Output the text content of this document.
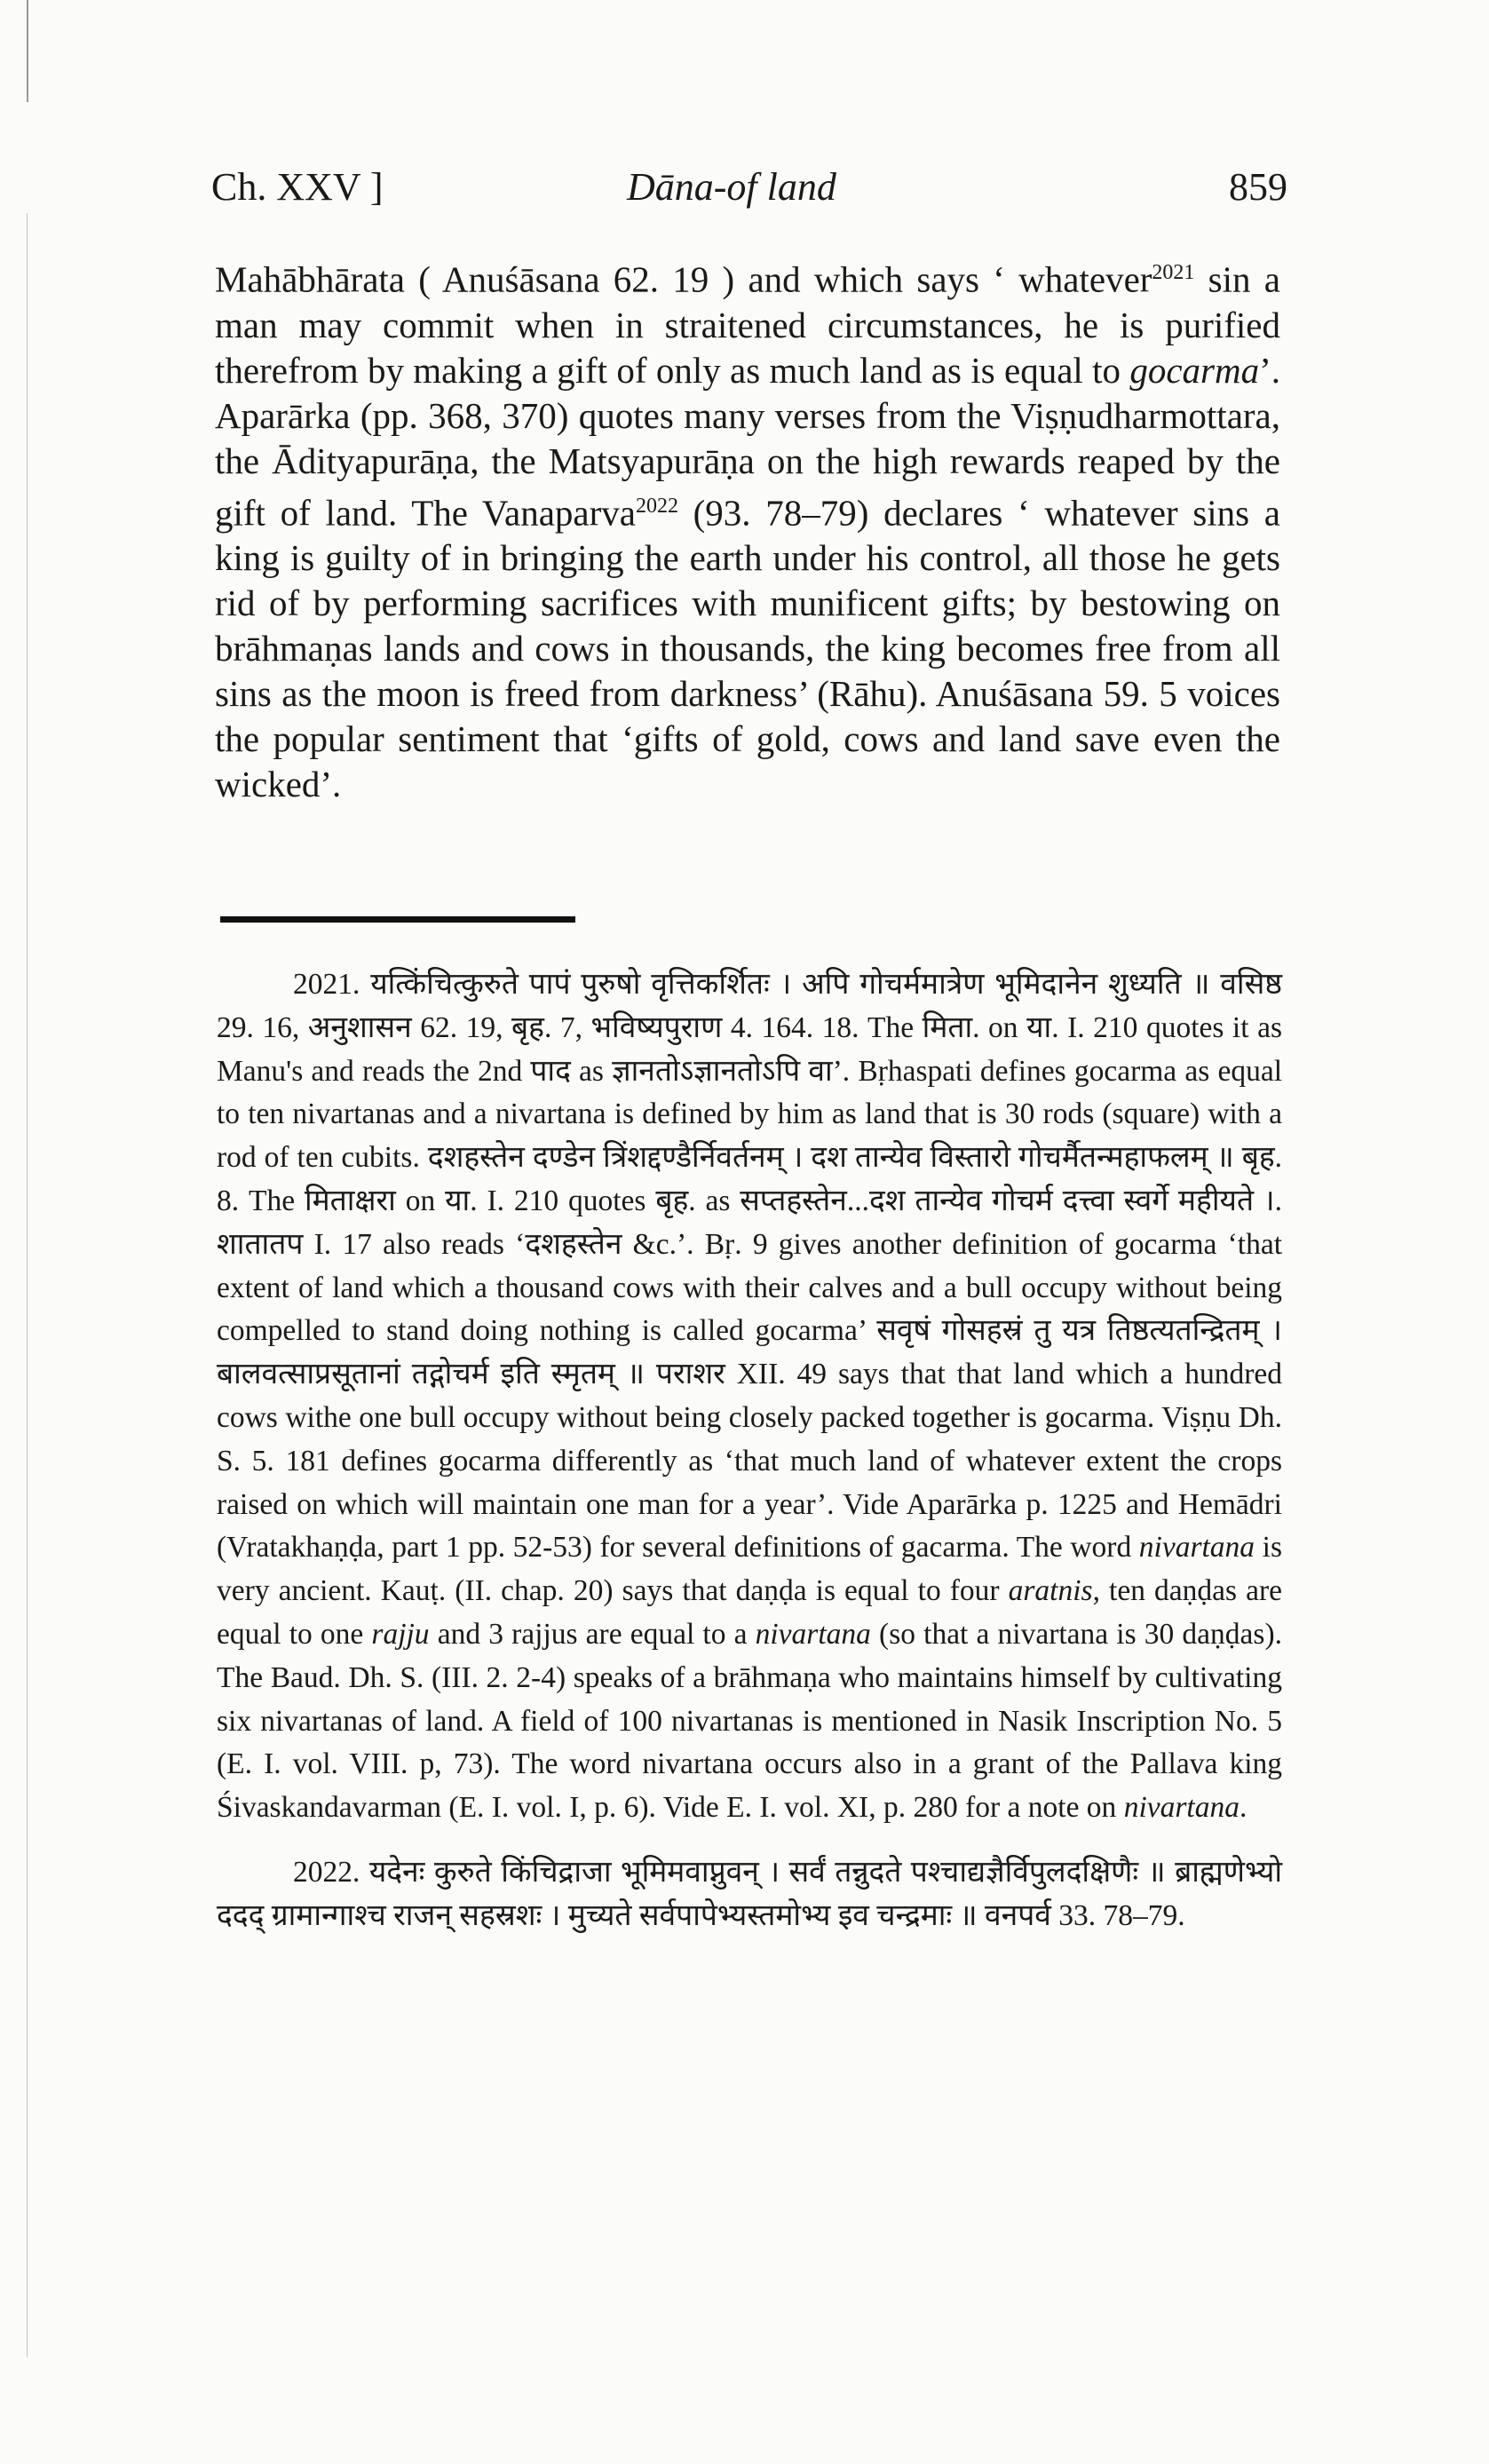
Ch. XXV ]	Dāna-of land	859

Mahābhārata ( Anuśāsana 62. 19 ) and which says ‘ whatever$^{2021}$ sin a man may commit when in straitened circumstances, he is purified therefrom by making a gift of only as much land as is equal to gocarma’. Aparārka (pp. 368, 370) quotes many verses from the Viṣṇudharmottara, the Ādityapurāṇa, the Matsyapurāṇa on the high rewards reaped by the gift of land. The Vanaparva$^{2022}$ (93. 78–79) declares ‘ whatever sins a king is guilty of in bringing the earth under his control, all those he gets rid of by performing sacrifices with munificent gifts; by bestowing on brāhmaṇas lands and cows in thousands, the king becomes free from all sins as the moon is freed from darkness’ (Rāhu). Anuśāsana 59. 5 voices the popular sentiment that ‘gifts of gold, cows and land save even the wicked’.

2021. यत्किंचित्कुरुते पापं पुरुषो वृत्तिकर्शितः । अपि गोचर्ममात्रेण भूमिदानेन शुध्यति ॥ वसिष्ठ 29. 16, अनुशासन 62. 19, बृह. 7, भविष्यपुराण 4. 164. 18. The मिता. on या. I. 210 quotes it as Manu's and reads the 2nd पाद as ज्ञानतोऽज्ञानतोऽपि वा’. Bṛhaspati defines gocarma as equal to ten nivartanas and a nivartana is defined by him as land that is 30 rods (square) with a rod of ten cubits. दशहस्तेन दण्डेन त्रिंशद्दण्डैर्निवर्तनम् । दश तान्येव विस्तारो गोचर्मैतन्महाफलम् ॥ बृह. 8. The मिताक्षरा on या. I. 210 quotes बृह. as सप्तहस्तेन...दश तान्येव गोचर्म दत्त्वा स्वर्गे महीयते ।. शातातप I. 17 also reads ‘दशहस्तेन &c.’. Bṛ. 9 gives another definition of gocarma ‘that extent of land which a thousand cows with their calves and a bull occupy without being compelled to stand doing nothing is called gocarma’ सवृषं गोसहस्रं तु यत्र तिष्ठत्यतन्द्रितम् । बालवत्साप्रसूतानां तद्गोचर्म इति स्मृतम् ॥ पराशर XII. 49 says that that land which a hundred cows withe one bull occupy without being closely packed together is gocarma. Viṣṇu Dh. S. 5. 181 defines gocarma differently as ‘that much land of whatever extent the crops raised on which will maintain one man for a year’. Vide Aparārka p. 1225 and Hemādri (Vratakhaṇḍa, part 1 pp. 52-53) for several definitions of gacarma. The word nivartana is very ancient. Kauṭ. (II. chap. 20) says that daṇḍa is equal to four aratnis, ten daṇḍas are equal to one rajju and 3 rajjus are equal to a nivartana (so that a nivartana is 30 daṇḍas). The Baud. Dh. S. (III. 2. 2-4) speaks of a brāhmaṇa who maintains himself by cultivating six nivartanas of land. A field of 100 nivartanas is mentioned in Nasik Inscription No. 5 (E. I. vol. VIII. p, 73). The word nivartana occurs also in a grant of the Pallava king Śivaskandavarman (E. I. vol. I, p. 6). Vide E. I. vol. XI, p. 280 for a note on nivartana.

2022. यदेनः कुरुते किंचिद्राजा भूमिमवाप्नुवन् । सर्वं तन्नुदते पश्चाद्यज्ञैर्विपुलदक्षिणैः ॥ ब्राह्मणेभ्यो ददद् ग्रामान्गाश्च राजन् सहस्रशः । मुच्यते सर्वपापेभ्यस्तमोभ्य इव चन्द्रमाः ॥ वनपर्व 33. 78–79.
